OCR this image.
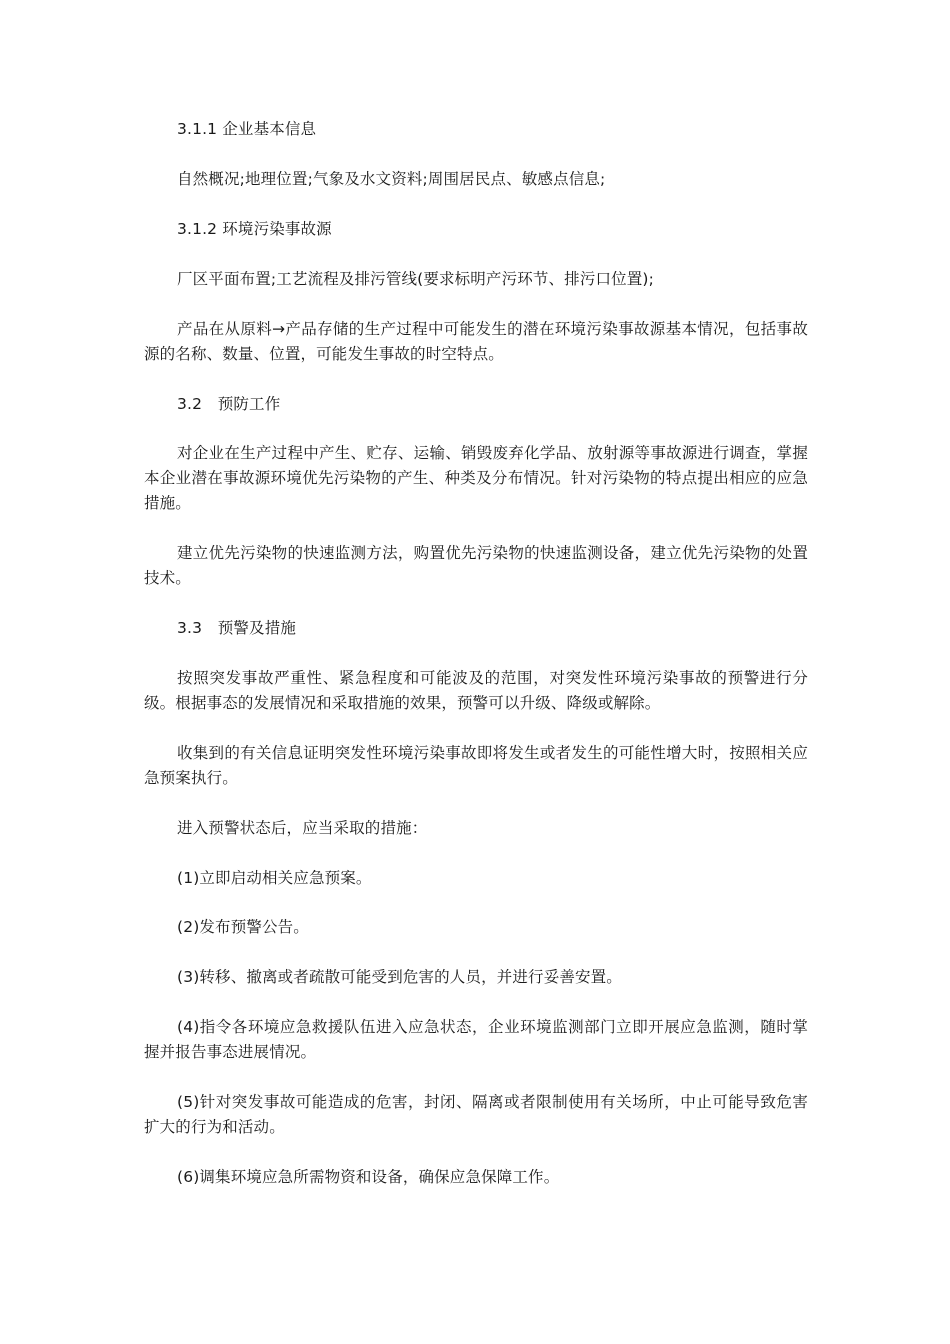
3.1.1 企业基本信息

自然概况;地理位置;气象及水文资料;周围居民点、敏感点信息;

3.1.2 环境污染事故源

厂区平面布置;工艺流程及排污管线(要求标明产污环节、排污口位置);

产品在从原料→产品存储的生产过程中可能发生的潜在环境污染事故源基本情况，包括事故源的名称、数量、位置，可能发生事故的时空特点。

3.2　预防工作

对企业在生产过程中产生、贮存、运输、销毁废弃化学品、放射源等事故源进行调查，掌握本企业潜在事故源环境优先污染物的产生、种类及分布情况。针对污染物的特点提出相应的应急措施。

建立优先污染物的快速监测方法，购置优先污染物的快速监测设备，建立优先污染物的处置技术。

3.3　预警及措施

按照突发事故严重性、紧急程度和可能波及的范围，对突发性环境污染事故的预警进行分级。根据事态的发展情况和采取措施的效果，预警可以升级、降级或解除。

收集到的有关信息证明突发性环境污染事故即将发生或者发生的可能性增大时，按照相关应急预案执行。

进入预警状态后，应当采取的措施：

(1)立即启动相关应急预案。

(2)发布预警公告。

(3)转移、撤离或者疏散可能受到危害的人员，并进行妥善安置。

(4)指令各环境应急救援队伍进入应急状态，企业环境监测部门立即开展应急监测，随时掌握并报告事态进展情况。

(5)针对突发事故可能造成的危害，封闭、隔离或者限制使用有关场所，中止可能导致危害扩大的行为和活动。

(6)调集环境应急所需物资和设备，确保应急保障工作。
